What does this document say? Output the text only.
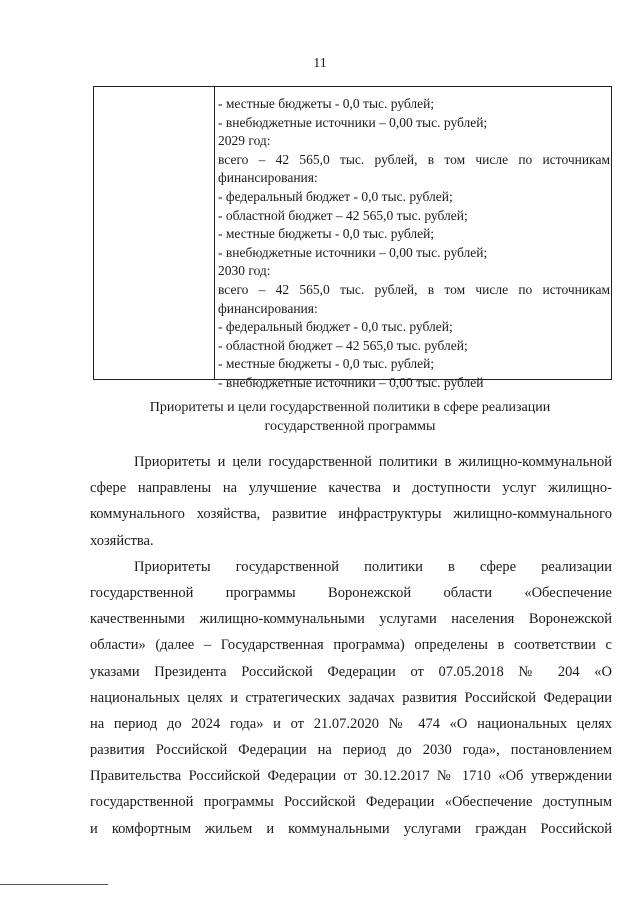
11
- местные бюджеты - 0,0 тыс. рублей;
- внебюджетные источники – 0,00 тыс. рублей;
2029 год:
всего – 42 565,0 тыс. рублей, в том числе по источникам
финансирования:
- федеральный бюджет - 0,0 тыс. рублей;
- областной бюджет – 42 565,0 тыс. рублей;
- местные бюджеты - 0,0 тыс. рублей;
- внебюджетные источники – 0,00 тыс. рублей;
2030 год:
всего – 42 565,0 тыс. рублей, в том числе по источникам
финансирования:
- федеральный бюджет - 0,0 тыс. рублей;
- областной бюджет – 42 565,0 тыс. рублей;
- местные бюджеты - 0,0 тыс. рублей;
- внебюджетные источники – 0,00 тыс. рублей
Приоритеты и цели государственной политики в сфере реализации
государственной программы
Приоритеты и цели государственной политики в жилищно-коммунальной
сфере направлены на улучшение качества и доступности услуг жилищно-
коммунального хозяйства, развитие инфраструктуры жилищно-коммунального
хозяйства.
Приоритеты государственной политики в сфере реализации
государственной программы Воронежской области «Обеспечение
качественными жилищно-коммунальными услугами населения Воронежской
области» (далее – Государственная программа) определены в соответствии с
указами Президента Российской Федерации от 07.05.2018 № 204 «О
национальных целях и стратегических задачах развития Российской Федерации
на период до 2024 года» и от 21.07.2020 № 474 «О национальных целях
развития Российской Федерации на период до 2030 года», постановлением
Правительства Российской Федерации от 30.12.2017 № 1710 «Об утверждении
государственной программы Российской Федерации «Обеспечение доступным
и комфортным жильем и коммунальными услугами граждан Российской
